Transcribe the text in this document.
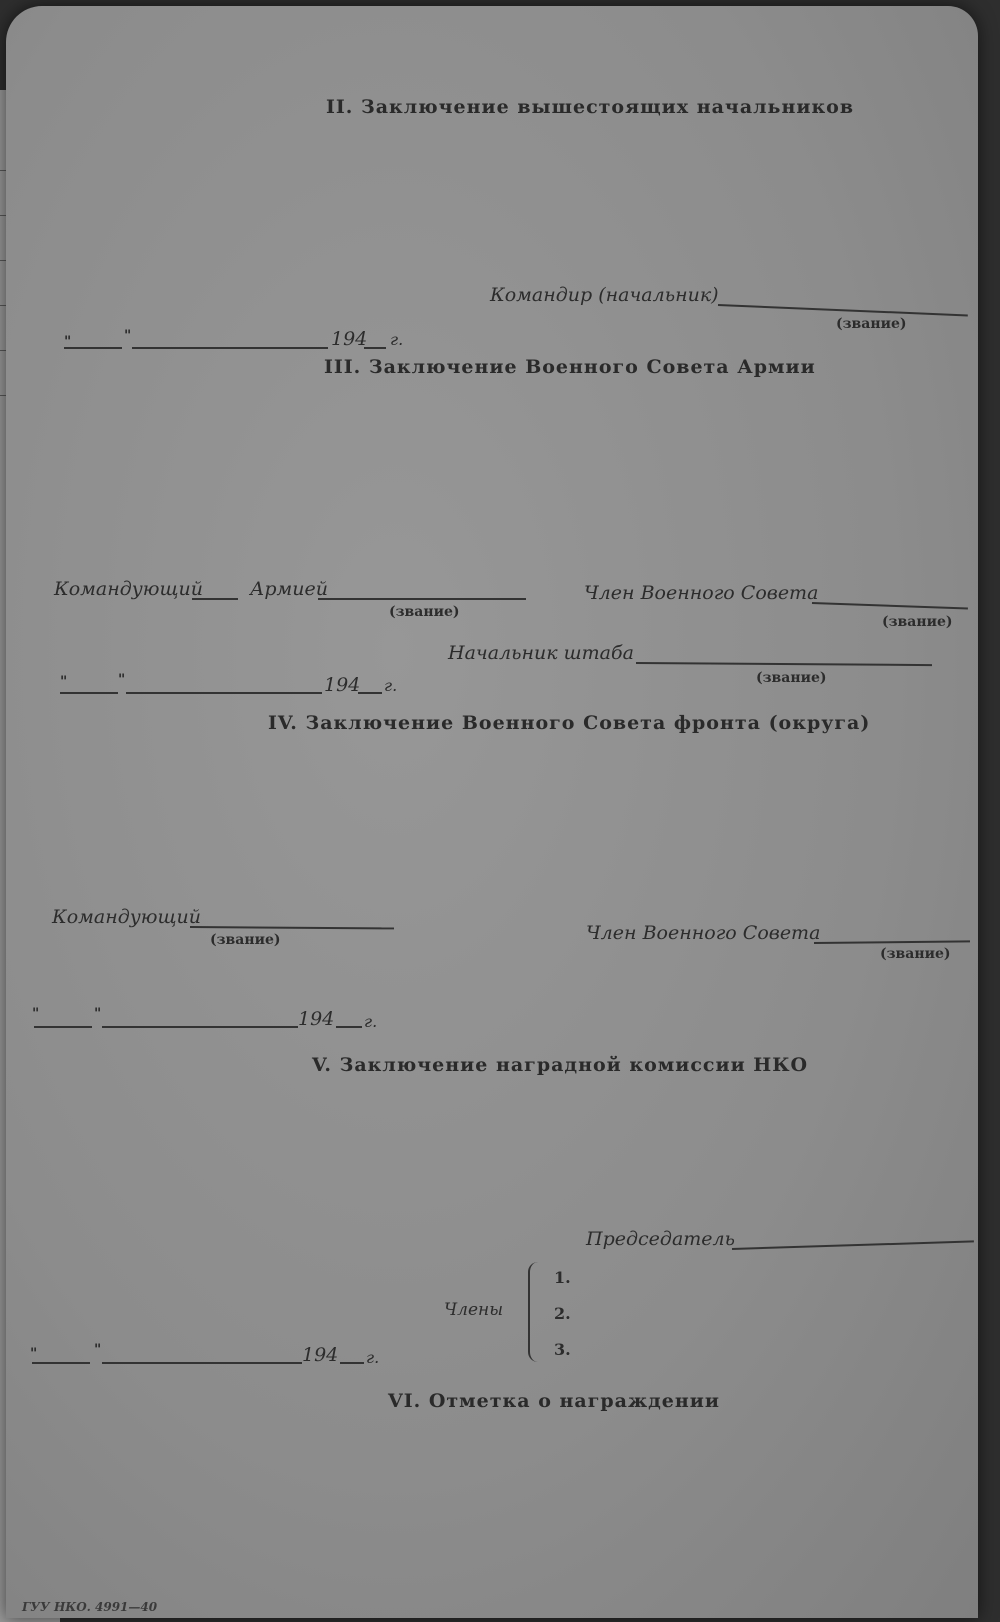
II. Заключение вышестоящих начальников
Командир (начальник)
(звание)
"	"	194 г.
III. Заключение Военного Совета Армии
Командующий Армией
(звание)
Член Военного Совета
(звание)
Начальник штаба
(звание)
"	"	194 г.
IV. Заключение Военного Совета фронта (округа)
Командующий
(звание)	Член Военного Совета
(звание)
"	"	194 г.
V. Заключение наградной комиссии НКО
Председатель
Члены
1.
2.
3.
"	"	194 г.
VI. Отметка о награждении
ГУУ НКО. 4991—40
